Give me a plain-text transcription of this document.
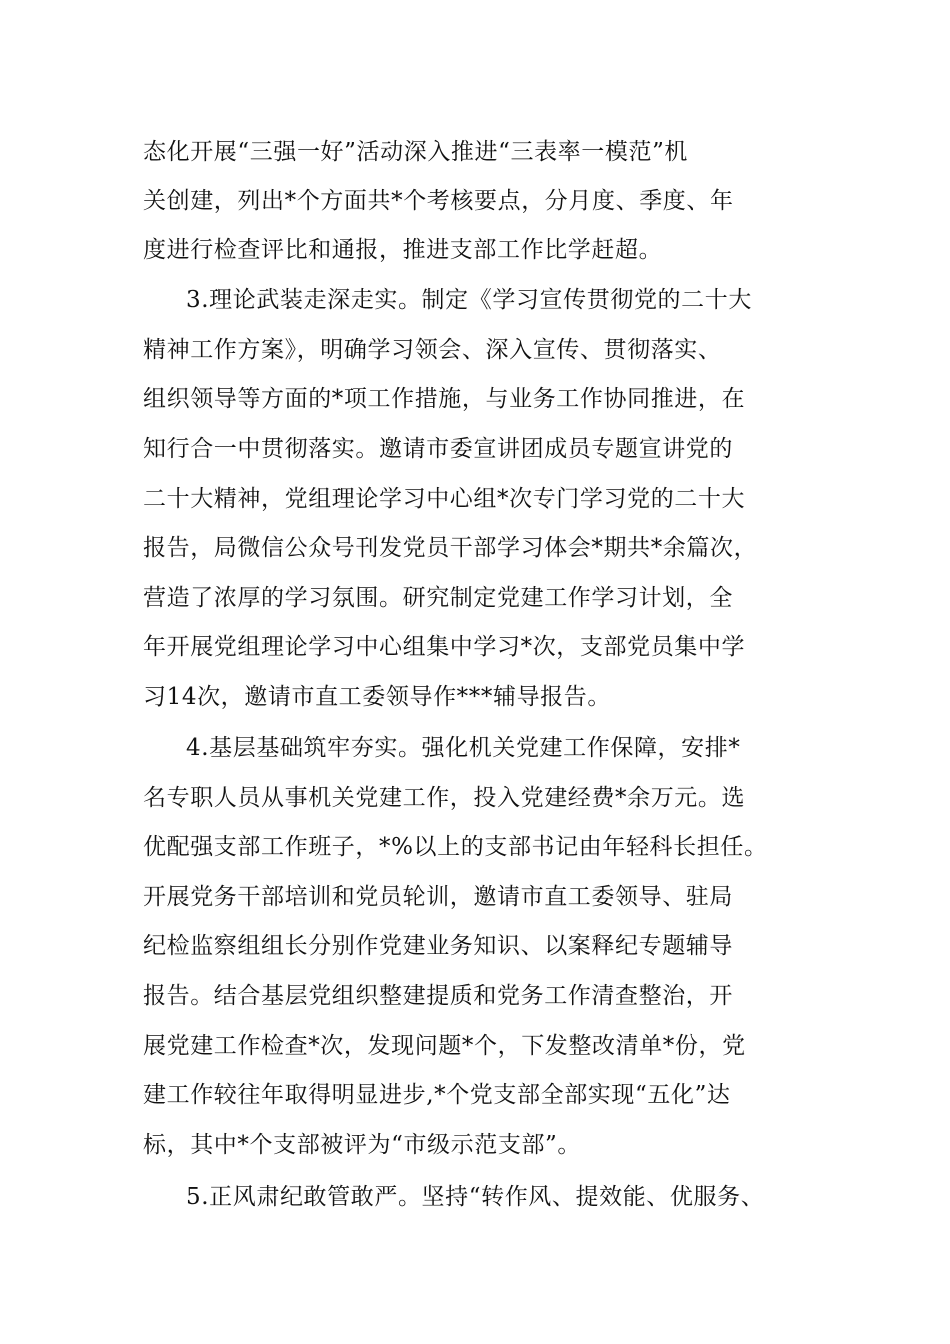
态化开展“三强一好”活动深入推进“三表率一模范”机
关创建，列出*个方面共*个考核要点，分月度、季度、年
度进行检查评比和通报，推进支部工作比学赶超。
3.理论武装走深走实。制定《学习宣传贯彻党的二十大
精神工作方案》，明确学习领会、深入宣传、贯彻落实、
组织领导等方面的*项工作措施，与业务工作协同推进，在
知行合一中贯彻落实。邀请市委宣讲团成员专题宣讲党的
二十大精神，党组理论学习中心组*次专门学习党的二十大
报告，局微信公众号刊发党员干部学习体会*期共*余篇次，
营造了浓厚的学习氛围。研究制定党建工作学习计划，全
年开展党组理论学习中心组集中学习*次，支部党员集中学
习14次，邀请市直工委领导作***辅导报告。
4.基层基础筑牢夯实。强化机关党建工作保障，安排*
名专职人员从事机关党建工作，投入党建经费*余万元。选
优配强支部工作班子，*%以上的支部书记由年轻科长担任。
开展党务干部培训和党员轮训，邀请市直工委领导、驻局
纪检监察组组长分别作党建业务知识、以案释纪专题辅导
报告。结合基层党组织整建提质和党务工作清查整治，开
展党建工作检查*次，发现问题*个，下发整改清单*份，党
建工作较往年取得明显进步,*个党支部全部实现“五化”达
标，其中*个支部被评为“市级示范支部”。
5.正风肃纪敢管敢严。坚持“转作风、提效能、优服务、
